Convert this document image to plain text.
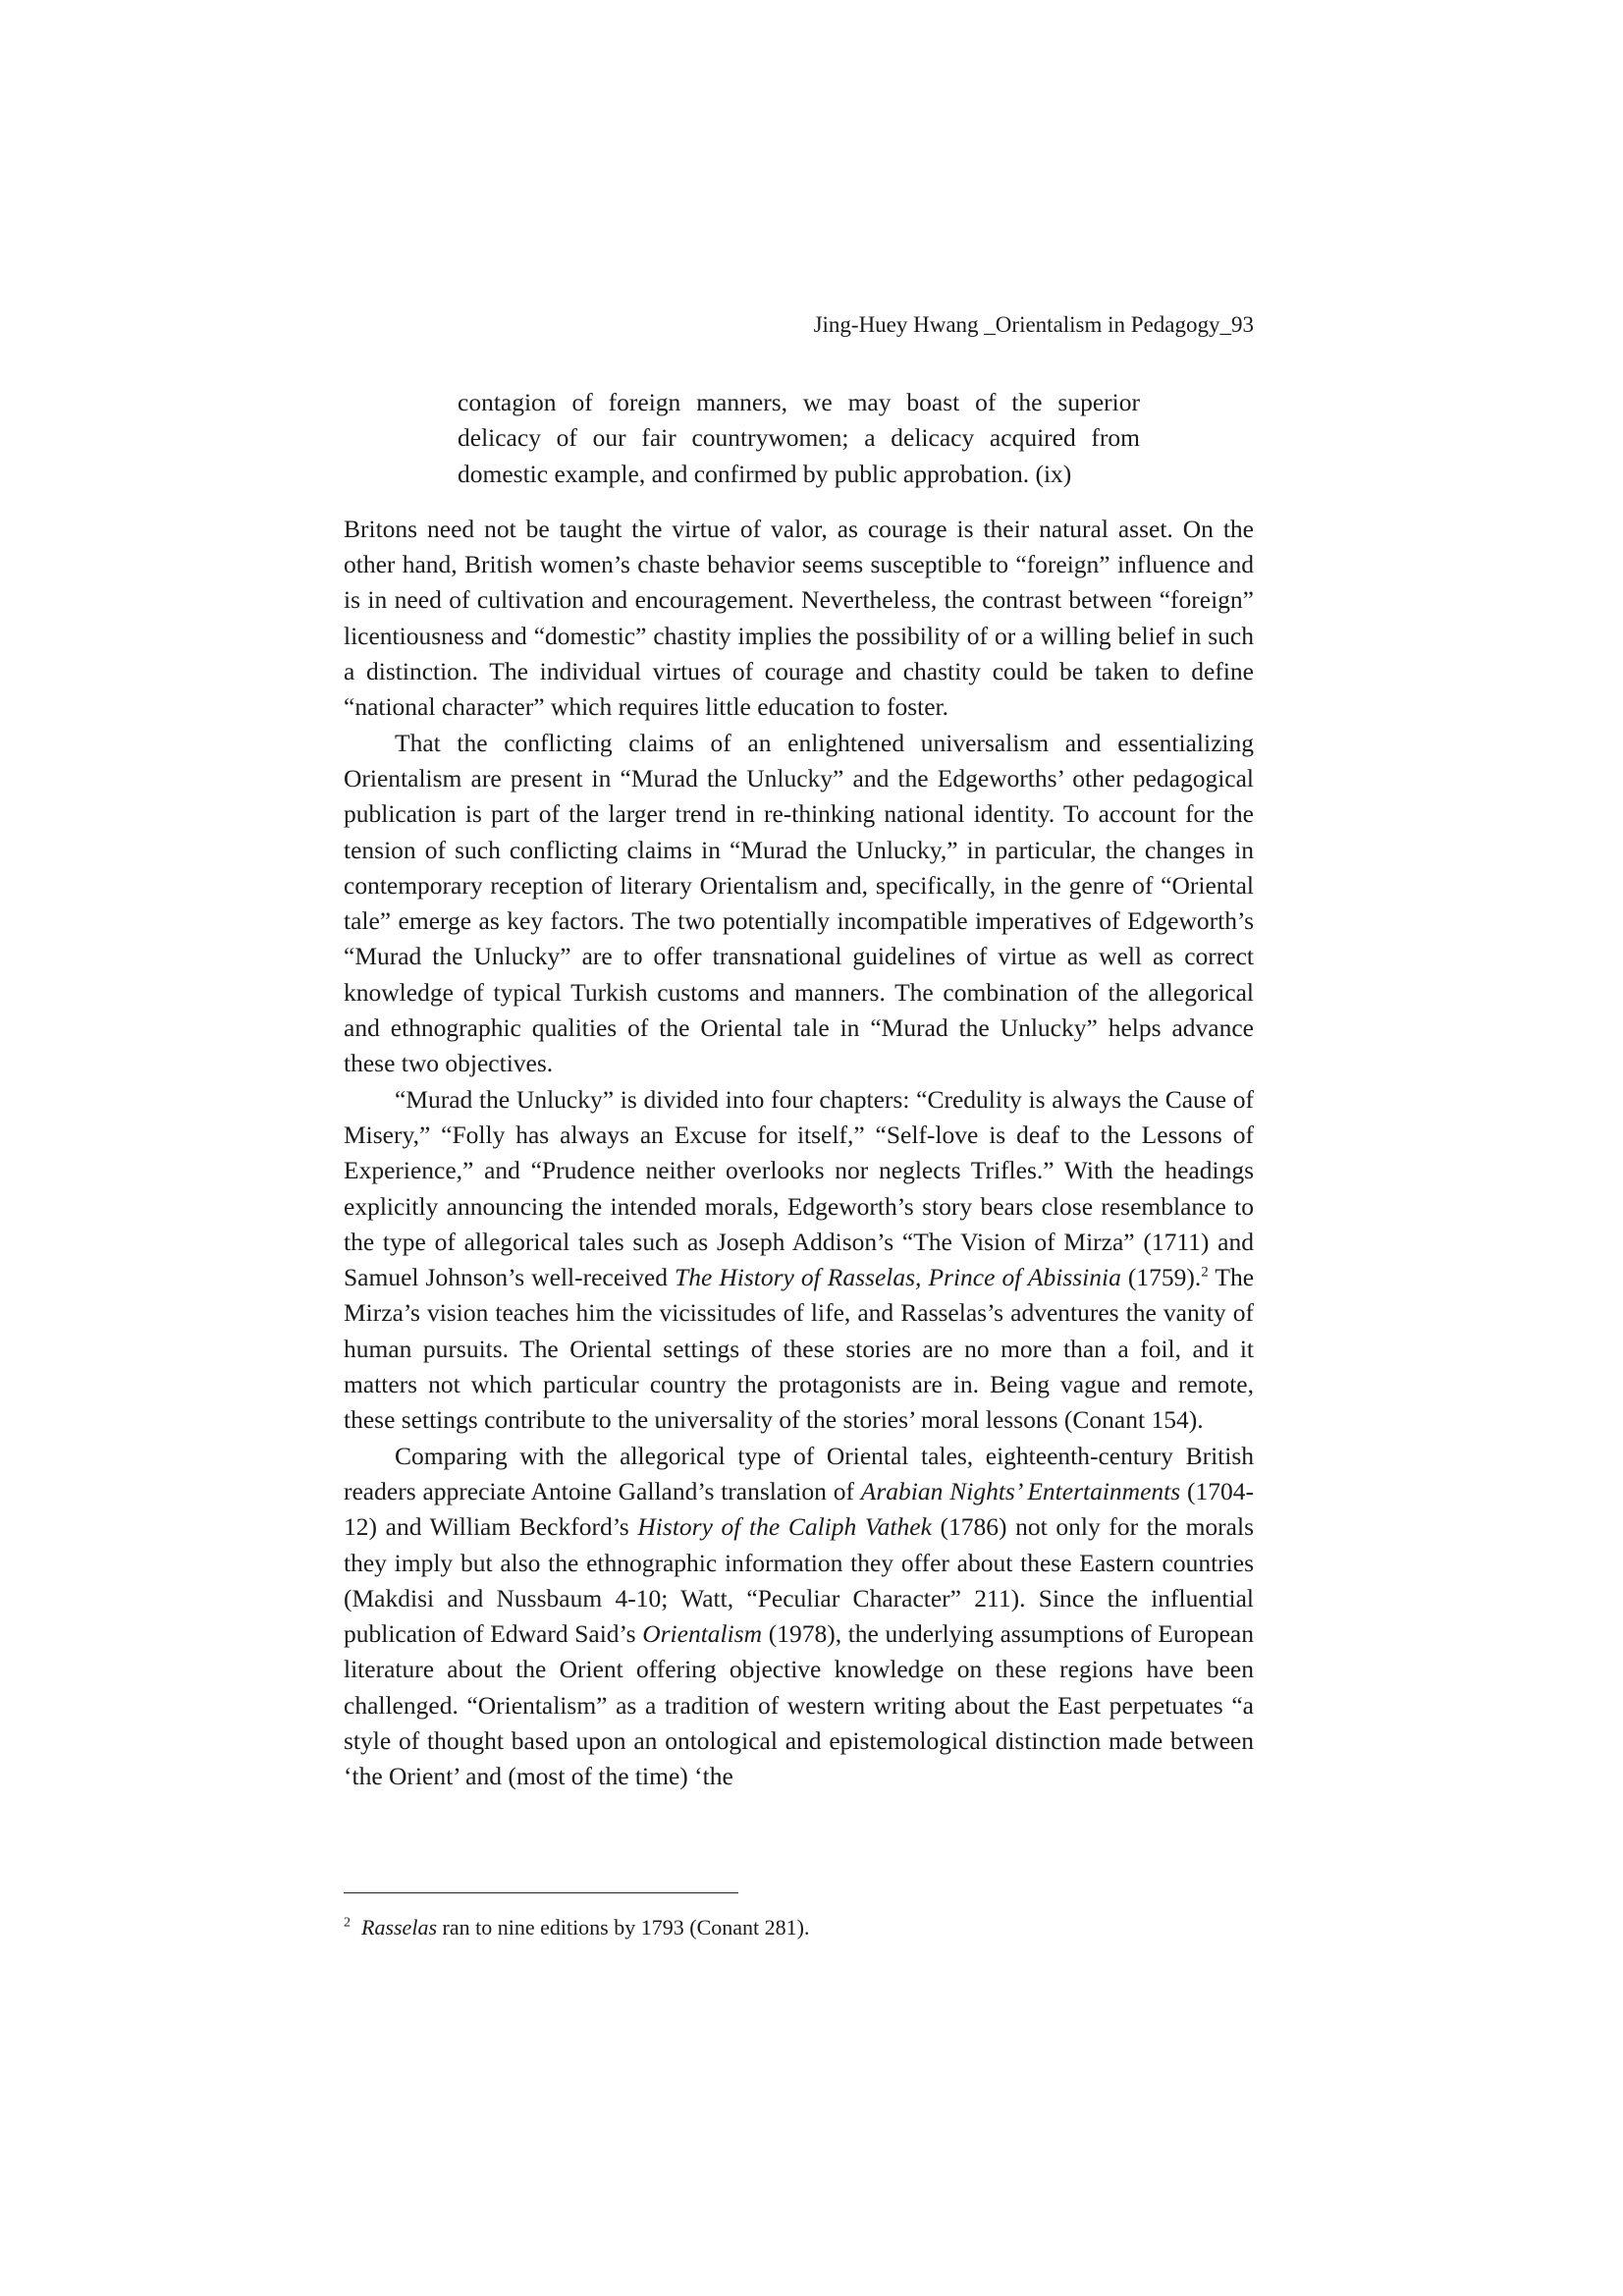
Jing-Huey Hwang _Orientalism in Pedagogy_93

contagion of foreign manners, we may boast of the superior delicacy of our fair countrywomen; a delicacy acquired from domestic example, and confirmed by public approbation. (ix)

Britons need not be taught the virtue of valor, as courage is their natural asset. On the other hand, British women’s chaste behavior seems susceptible to “foreign” influence and is in need of cultivation and encouragement. Nevertheless, the contrast between “foreign” licentiousness and “domestic” chastity implies the possibility of or a willing belief in such a distinction. The individual virtues of courage and chastity could be taken to define “national character” which requires little education to foster.

That the conflicting claims of an enlightened universalism and essentializing Orientalism are present in “Murad the Unlucky” and the Edgeworths’ other pedagogical publication is part of the larger trend in re-thinking national identity. To account for the tension of such conflicting claims in “Murad the Unlucky,” in particular, the changes in contemporary reception of literary Orientalism and, specifically, in the genre of “Oriental tale” emerge as key factors. The two potentially incompatible imperatives of Edgeworth’s “Murad the Unlucky” are to offer transnational guidelines of virtue as well as correct knowledge of typical Turkish customs and manners. The combination of the allegorical and ethnographic qualities of the Oriental tale in “Murad the Unlucky” helps advance these two objectives.

“Murad the Unlucky” is divided into four chapters: “Credulity is always the Cause of Misery,” “Folly has always an Excuse for itself,” “Self-love is deaf to the Lessons of Experience,” and “Prudence neither overlooks nor neglects Trifles.” With the headings explicitly announcing the intended morals, Edgeworth’s story bears close resemblance to the type of allegorical tales such as Joseph Addison’s “The Vision of Mirza” (1711) and Samuel Johnson’s well-received The History of Rasselas, Prince of Abissinia (1759).$^2$ The Mirza’s vision teaches him the vicissitudes of life, and Rasselas’s adventures the vanity of human pursuits. The Oriental settings of these stories are no more than a foil, and it matters not which particular country the protagonists are in. Being vague and remote, these settings contribute to the universality of the stories’ moral lessons (Conant 154).

Comparing with the allegorical type of Oriental tales, eighteenth-century British readers appreciate Antoine Galland’s translation of Arabian Nights’ Entertainments (1704-12) and William Beckford’s History of the Caliph Vathek (1786) not only for the morals they imply but also the ethnographic information they offer about these Eastern countries (Makdisi and Nussbaum 4-10; Watt, “Peculiar Character” 211). Since the influential publication of Edward Said’s Orientalism (1978), the underlying assumptions of European literature about the Orient offering objective knowledge on these regions have been challenged. “Orientalism” as a tradition of western writing about the East perpetuates “a style of thought based upon an ontological and epistemological distinction made between ‘the Orient’ and (most of the time) ‘the

$^2$ Rasselas ran to nine editions by 1793 (Conant 281).
